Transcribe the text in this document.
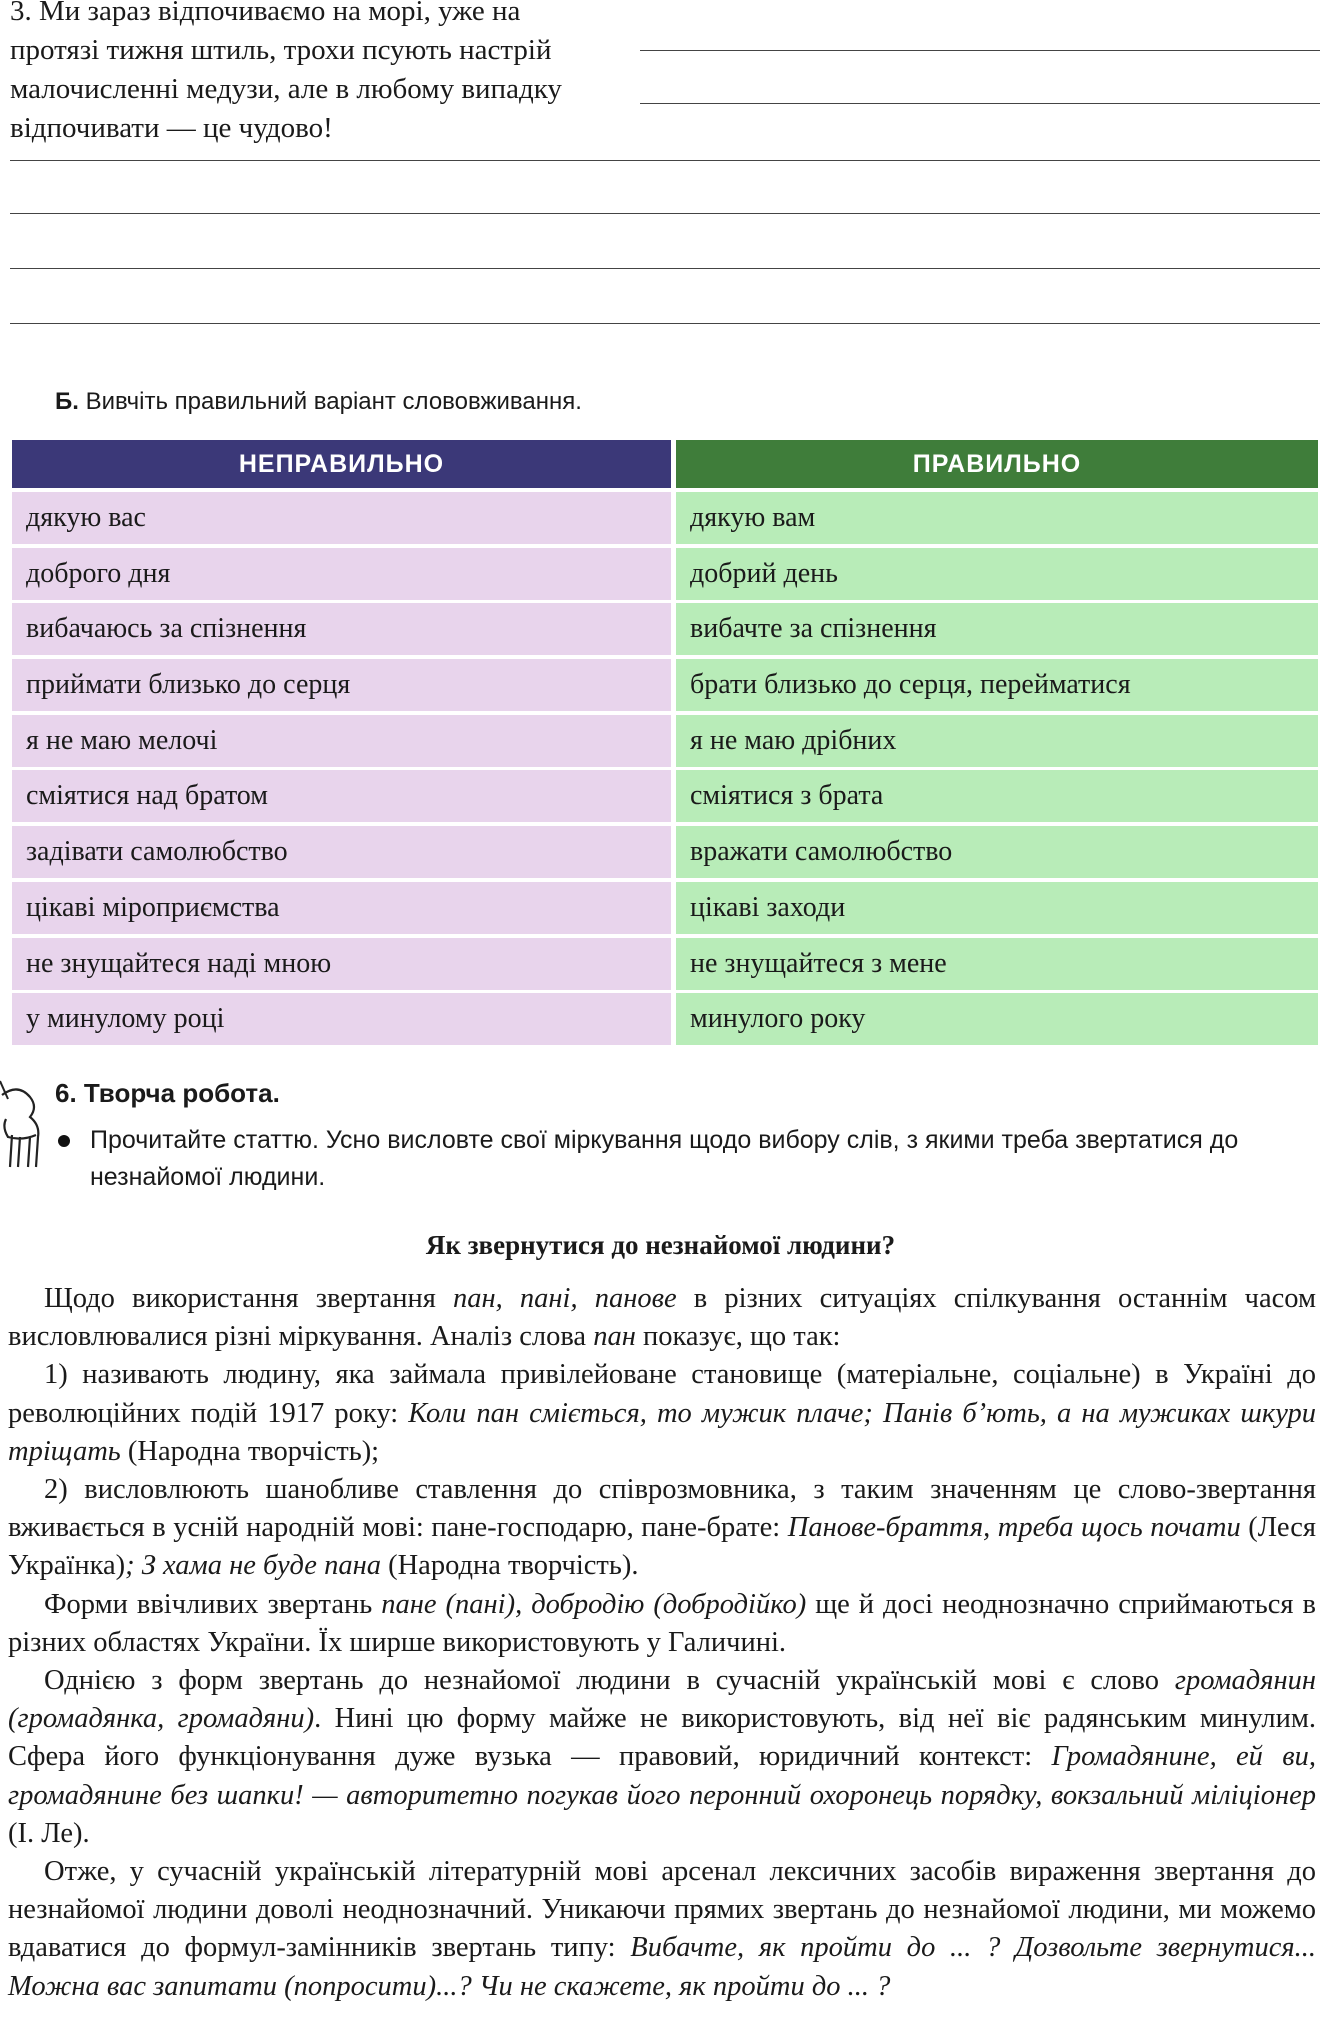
3. Ми зараз відпочиваємо на морі, уже на

протязі тижня штиль, трохи псують настрій

малочисленні медузи, але в любому випадку

відпочивати — це чудово!

Б. Вивчіть правильний варіант слововживання.
НЕПРАВИЛЬНО	ПРАВИЛЬНО
дякую вас	дякую вам
доброго дня	добрий день
вибачаюсь за спізнення	вибачте за спізнення
приймати близько до серця	брати близько до серця, перейматися
я не маю мелочі	я не маю дрібних
сміятися над братом	сміятися з брата
задівати самолюбство	вражати самолюбство
цікаві міроприємства	цікаві заходи
не знущайтеся наді мною	не знущайтеся з мене
у минулому році	минулого року
6. Творча робота.
Прочитайте статтю. Усно висловте свої міркування щодо вибору слів, з якими треба звертатися до незнайомої людини.
Як звернутися до незнайомої людини?

Щодо використання звертання пан, пані, панове в різних ситуаціях спілкування останнім часом висловлювалися різні міркування. Аналіз слова пан показує, що так:

1) називають людину, яка займала привілейоване становище (матеріальне, соціальне) в Україні до революційних подій 1917 року: Коли пан сміється, то мужик плаче; Панів б’ють, а на мужиках шкури тріщать (Народна творчість);

2) висловлюють шанобливе ставлення до співрозмовника, з таким значенням це слово-звертання вживається в усній народній мові: пане-господарю, пане-брате: Панове-браття, треба щось почати (Леся Українка); З хама не буде пана (Народна творчість).

Форми ввічливих звертань пане (пані), добродію (добродійко) ще й досі неоднозначно сприймаються в різних областях України. Їх ширше використовують у Галичині.

Однією з форм звертань до незнайомої людини в сучасній українській мові є слово громадянин (громадянка, громадяни). Нині цю форму майже не використовують, від неї віє радянським минулим. Сфера його функціонування дуже вузька — правовий, юридичний контекст: Громадянине, ей ви, громадянине без шапки! — авторитетно погукав його перонний охоронець порядку, вокзальний міліціонер (І. Ле).

Отже, у сучасній українській літературній мові арсенал лексичних засобів вираження звертання до незнайомої людини доволі неоднозначний. Уникаючи прямих звертань до незнайомої людини, ми можемо вдаватися до формул-замінників звертань типу: Вибачте, як пройти до ... ? Дозвольте звернутися... Можна вас запитати (попросити)...? Чи не скажете, як пройти до ... ?
